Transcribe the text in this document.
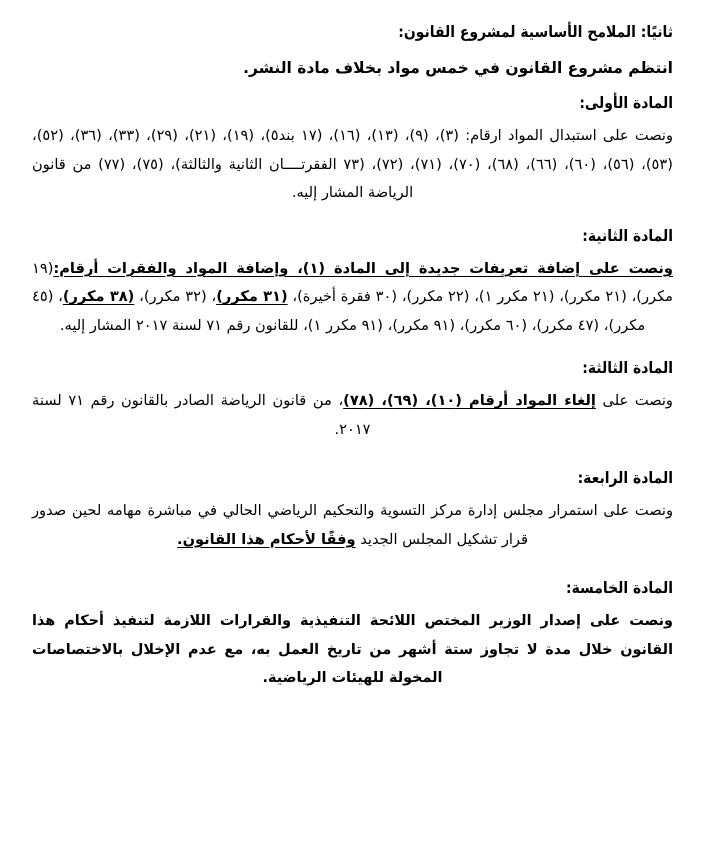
ثانيًا: الملامح الأساسية لمشروع القانون:

انتظم مشروع القانون في خمس مواد بخلاف مادة النشر.

المادة الأولى:

ونصت على استبدال المواد ارقام: (٣)، (٩)، (١٣)، (١٦)، (١٧ بند٥)، (١٩)، (٢١)، (٢٩)، (٣٣)، (٣٦)، (٥٢)، (٥٣)، (٥٦)، (٦٠)، (٦٦)، (٦٨)، (٧٠)، (٧١)، (٧٢)، (٧٣ الفقرتــــان الثانية والثالثة)، (٧٥)، (٧٧) من قانون الرياضة المشار إليه.

المادة الثانية:

ونصت على إضافة تعريفات جديدة إلى المادة (١)، وإضافة المواد والفقرات أرقام:(١٩ مكرر)، (٢١ مكرر)، (٢١ مكرر ١)، (٢٢ مكرر)، (٣٠ فقرة أخيرة)، (٣١ مكرر)، (٣٢ مكرر)، (٣٨ مكرر)، (٤٥ مكرر)، (٤٧ مكرر)، (٦٠ مكرر)، (٩١ مكرر)، (٩١ مكرر ١)، للقانون رقم ٧١ لسنة ٢٠١٧ المشار إليه.

المادة الثالثة:

ونصت على إلغاء المواد أرقام (١٠)، (٦٩)، (٧٨)، من قانون الرياضة الصادر بالقانون رقم ٧١ لسنة ٢٠١٧.

المادة الرابعة:

ونصت على استمرار مجلس إدارة مركز التسوية والتحكيم الرياضي الحالي في مباشرة مهامه لحين صدور قرار تشكيل المجلس الجديد وفقًا لأحكام هذا القانون.

المادة الخامسة:

ونصت على إصدار الوزير المختص اللائحة التنفيذية والقرارات اللازمة لتنفيذ أحكام هذا القانون خلال مدة لا تجاوز ستة أشهر من تاريخ العمل به، مع عدم الإخلال بالاختصاصات المخولة للهيئات الرياضية.
